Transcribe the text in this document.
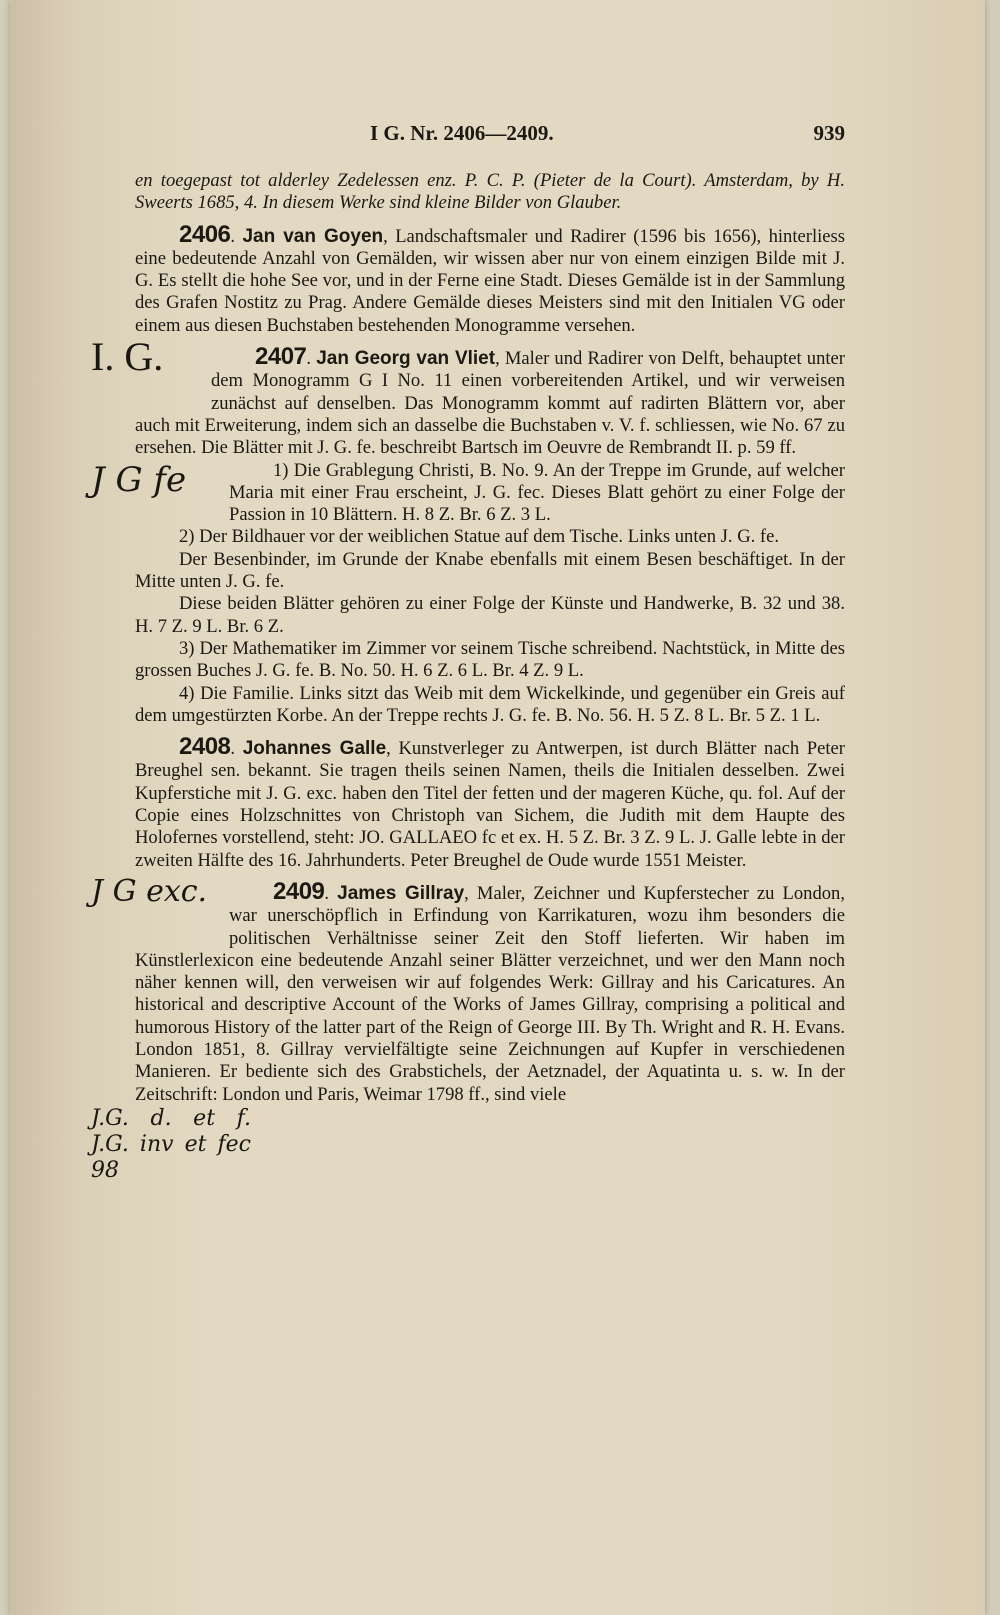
I G. Nr. 2406—2409.	939

en toegepast tot alderley Zedelessen enz. P. C. P. (Pieter de la Court). Amsterdam, by H. Sweerts 1685, 4. In diesem Werke sind kleine Bilder von Glauber.

2406. Jan van Goyen, Landschaftsmaler und Radirer (1596 bis 1656), hinterliess eine bedeutende Anzahl von Gemälden, wir wissen aber nur von einem einzigen Bilde mit J. G. Es stellt die hohe See vor, und in der Ferne eine Stadt. Dieses Gemälde ist in der Sammlung des Grafen Nostitz zu Prag. Andere Gemälde dieses Meisters sind mit den Initialen VG oder einem aus diesen Buchstaben bestehenden Monogramme versehen.

I. G.	2407. Jan Georg van Vliet, Maler und Radirer von Delft, behauptet unter dem Monogramm G I No. 11 einen vorbereitenden Artikel, und wir verweisen zunächst auf denselben. Das Monogramm kommt auf radirten Blättern vor, aber auch mit Erweiterung, indem sich an dasselbe die Buchstaben v. V. f. schliessen, wie No. 67 zu ersehen. Die Blätter mit J. G. fe. beschreibt Bartsch im Oeuvre de Rembrandt II. p. 59 ff.

J G fe	1) Die Grablegung Christi, B. No. 9. An der Treppe im Grunde, auf welcher Maria mit einer Frau erscheint, J. G. fec. Dieses Blatt gehört zu einer Folge der Passion in 10 Blättern. H. 8 Z. Br. 6 Z. 3 L.

2) Der Bildhauer vor der weiblichen Statue auf dem Tische. Links unten J. G. fe.

Der Besenbinder, im Grunde der Knabe ebenfalls mit einem Besen beschäftiget. In der Mitte unten J. G. fe.

Diese beiden Blätter gehören zu einer Folge der Künste und Handwerke, B. 32 und 38. H. 7 Z. 9 L. Br. 6 Z.

3) Der Mathematiker im Zimmer vor seinem Tische schreibend. Nachtstück, in Mitte des grossen Buches J. G. fe. B. No. 50. H. 6 Z. 6 L. Br. 4 Z. 9 L.

4) Die Familie. Links sitzt das Weib mit dem Wickelkinde, und gegenüber ein Greis auf dem umgestürzten Korbe. An der Treppe rechts J. G. fe. B. No. 56. H. 5 Z. 8 L. Br. 5 Z. 1 L.

2408. Johannes Galle, Kunstverleger zu Antwerpen, ist durch Blätter nach Peter Breughel sen. bekannt. Sie tragen theils seinen Namen, theils die Initialen desselben. Zwei Kupferstiche mit J. G. exc. haben den Titel der fetten und der mageren Küche, qu. fol. Auf der Copie eines Holzschnittes von Christoph van Sichem, die Judith mit dem Haupte des Holofernes vorstellend, steht: JO. GALLAEO fc et ex. H. 5 Z. Br. 3 Z. 9 L. J. Galle lebte in der zweiten Hälfte des 16. Jahrhunderts. Peter Breughel de Oude wurde 1551 Meister.

J G exc.	2409. James Gillray, Maler, Zeichner und Kupferstecher zu London, war unerschöpflich in Erfindung von Karrikaturen, wozu ihm besonders die politischen Verhältnisse seiner Zeit den Stoff lieferten. Wir haben im Künstlerlexicon eine bedeutende Anzahl seiner Blätter verzeichnet, und wer den Mann noch näher kennen will, den verweisen wir auf folgendes Werk: Gillray and his Caricatures. An historical and descriptive Account of the Works of James Gillray, comprising a political and humorous History of the latter part of the Reign of George III. By Th. Wright and R. H. Evans. London 1851, 8. Gillray vervielfältigte seine Zeichnungen auf Kupfer in verschiedenen Manieren. Er bediente sich des Grabstichels, der Aetznadel, der Aquatinta u. s. w. In der Zeitschrift: London und Paris, Weimar 1798 ff., sind viele

J.G. d. et f. J.G. inv et fec 98
